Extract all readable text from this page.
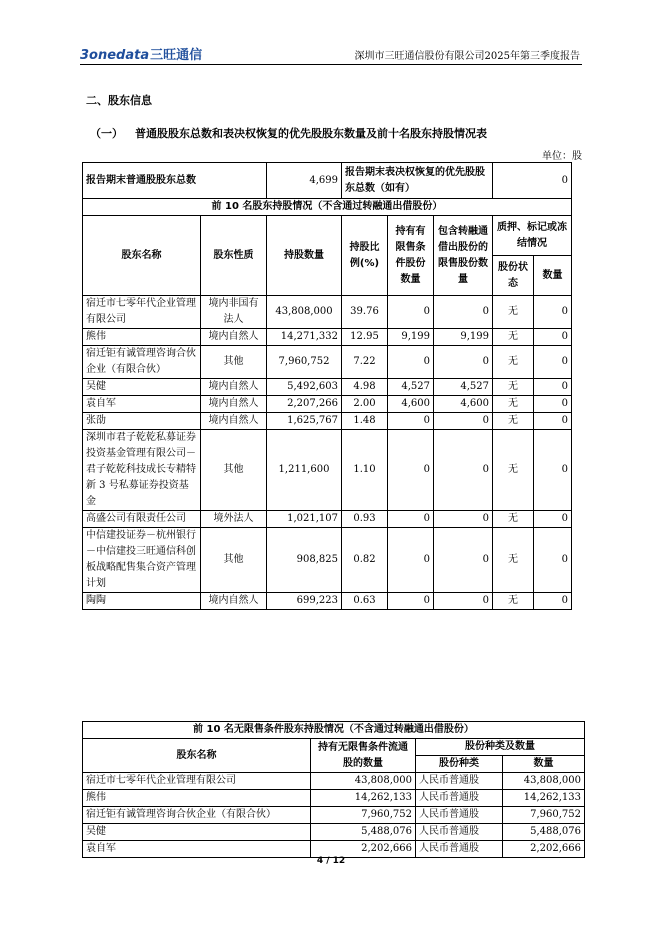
3onedata三旺通信	深圳市三旺通信股份有限公司2025年第三季度报告
二、股东信息
（一） 普通股股东总数和表决权恢复的优先股股东数量及前十名股东持股情况表
单位：股
报告期末普通股股东总数		4,699	报告期末表决权恢复的优先股股东总数（如有）			0	
前 10 名股东持股情况（不含通过转融通出借股份）							
股东名称	股东性质	持股数量	持股比例(%)	持有有限售条件股份数量	包含转融通借出股份的限售股份数量	质押、标记或冻结情况	
						股份状态	数量
宿迁市七零年代企业管理有限公司	境内非国有法人	43,808,000	39.76	0	0	无	0
熊伟	境内自然人	14,271,332	12.95	9,199	9,199	无	0
宿迁钜有诚管理咨询合伙企业（有限合伙）	其他	7,960,752	7.22	0	0	无	0
吴健	境内自然人	5,492,603	4.98	4,527	4,527	无	0
袁自军	境内自然人	2,207,266	2.00	4,600	4,600	无	0
张劭	境内自然人	1,625,767	1.48	0	0	无	0
深圳市君子乾乾私募证券投资基金管理有限公司－君子乾乾科技成长专精特新 3 号私募证券投资基金	其他	1,211,600	1.10	0	0	无	0
高盛公司有限责任公司	境外法人	1,021,107	0.93	0	0	无	0
中信建投证券－杭州银行－中信建投三旺通信科创板战略配售集合资产管理计划	其他	908,825	0.82	0	0	无	0
陶陶	境内自然人	699,223	0.63	0	0	无	0
前 10 名无限售条件股东持股情况（不含通过转融通出借股份）			
股东名称	持有无限售条件流通股的数量	股份种类及数量	
		股份种类	数量
宿迁市七零年代企业管理有限公司	43,808,000	人民币普通股	43,808,000
熊伟	14,262,133	人民币普通股	14,262,133
宿迁钜有诚管理咨询合伙企业（有限合伙）	7,960,752	人民币普通股	7,960,752
吴健	5,488,076	人民币普通股	5,488,076
袁自军	2,202,666	人民币普通股	2,202,666
4 / 12
